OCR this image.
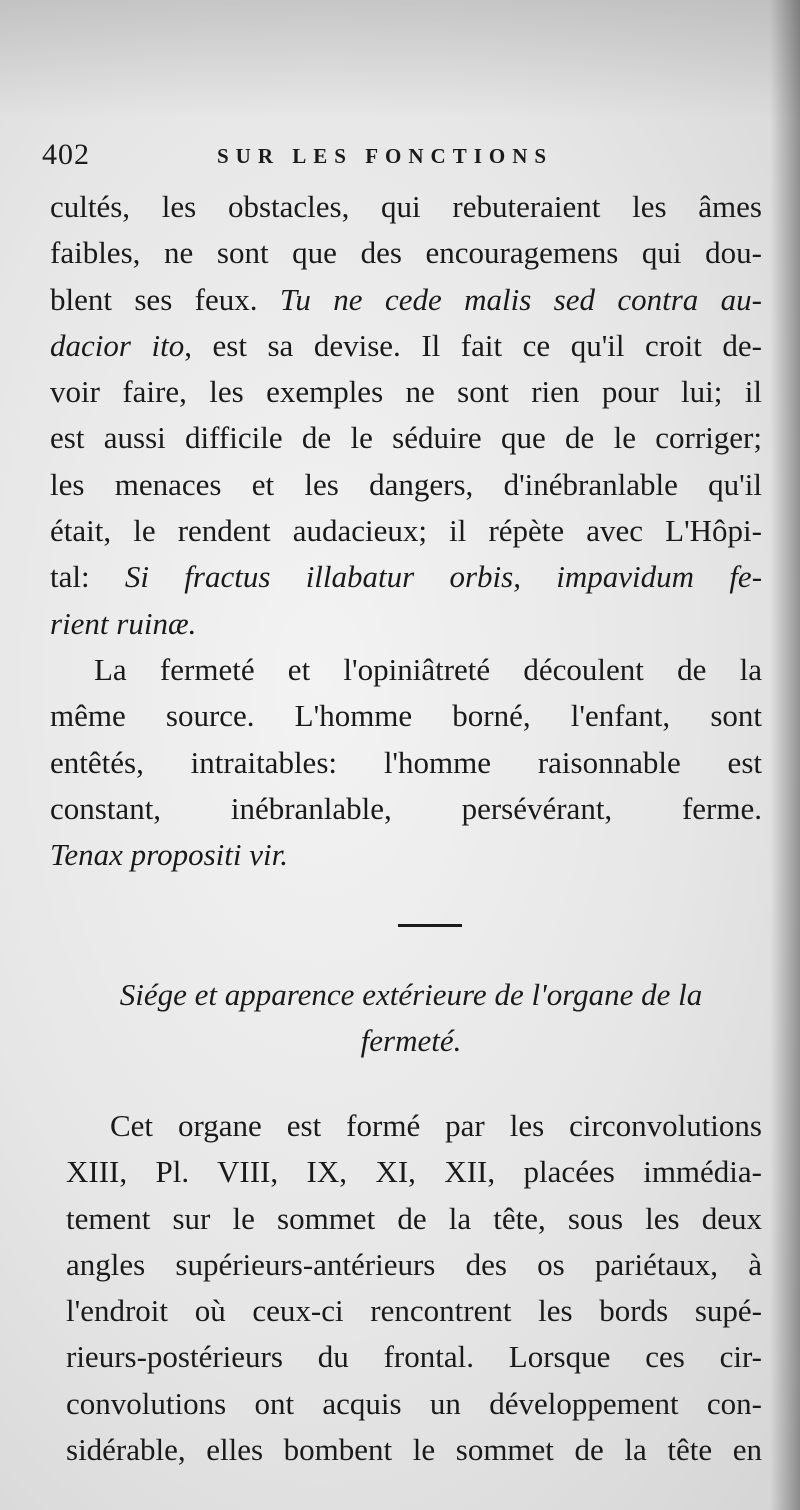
402	SUR LES FONCTIONS
cultés, les obstacles, qui rebuteraient les âmes
faibles, ne sont que des encouragemens qui dou-
blent ses feux. Tu ne cede malis sed contra au-
dacior ito, est sa devise. Il fait ce qu'il croit de-
voir faire, les exemples ne sont rien pour lui; il
est aussi difficile de le séduire que de le corriger;
les menaces et les dangers, d'inébranlable qu'il
était, le rendent audacieux; il répète avec L'Hôpi-
tal: Si fractus illabatur orbis, impavidum fe-
rient ruinæ.
La fermeté et l'opiniâtreté découlent de la
même source. L'homme borné, l'enfant, sont
entêtés, intraitables: l'homme raisonnable est
constant, inébranlable, persévérant, ferme.
Tenax propositi vir.
Siége et apparence extérieure de l'organe de la
fermeté.
Cet organe est formé par les circonvolutions
XIII, Pl. VIII, IX, XI, XII, placées immédia-
tement sur le sommet de la tête, sous les deux
angles supérieurs-antérieurs des os pariétaux, à
l'endroit où ceux-ci rencontrent les bords supé-
rieurs-postérieurs du frontal. Lorsque ces cir-
convolutions ont acquis un développement con-
sidérable, elles bombent le sommet de la tête en
